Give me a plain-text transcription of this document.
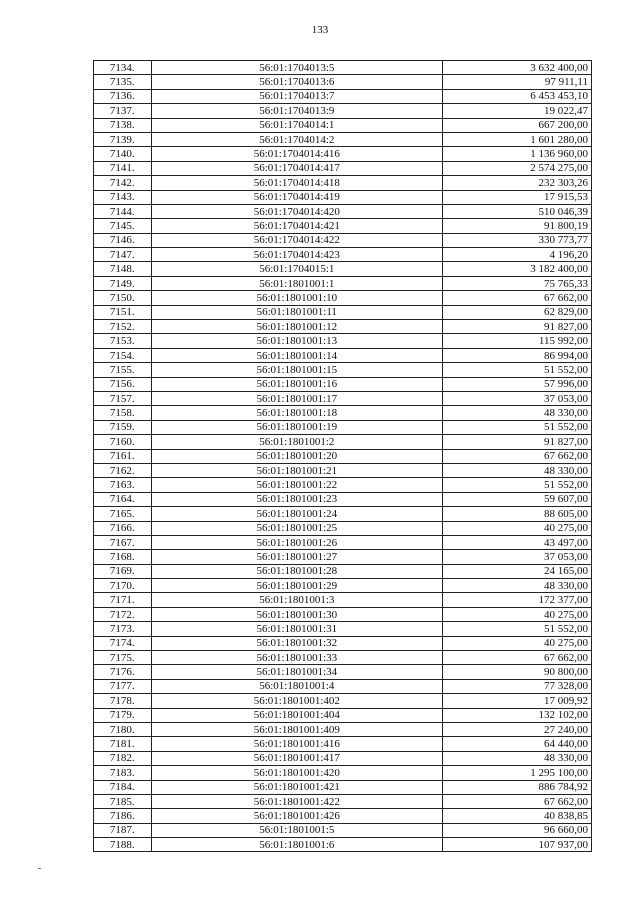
133
7134.	56:01:1704013:5	3 632 400,00
7135.	56:01:1704013:6	97 911,11
7136.	56:01:1704013:7	6 453 453,10
7137.	56:01:1704013:9	19 022,47
7138.	56:01:1704014:1	667 200,00
7139.	56:01:1704014:2	1 601 280,00
7140.	56:01:1704014:416	1 136 960,00
7141.	56:01:1704014:417	2 574 275,00
7142.	56:01:1704014:418	232 303,26
7143.	56:01:1704014:419	17 915,53
7144.	56:01:1704014:420	510 046,39
7145.	56:01:1704014:421	91 800,19
7146.	56:01:1704014:422	330 773,77
7147.	56:01:1704014:423	4 196,20
7148.	56:01:1704015:1	3 182 400,00
7149.	56:01:1801001:1	75 765,33
7150.	56:01:1801001:10	67 662,00
7151.	56:01:1801001:11	62 829,00
7152.	56:01:1801001:12	91 827,00
7153.	56:01:1801001:13	115 992,00
7154.	56:01:1801001:14	86 994,00
7155.	56:01:1801001:15	51 552,00
7156.	56:01:1801001:16	57 996,00
7157.	56:01:1801001:17	37 053,00
7158.	56:01:1801001:18	48 330,00
7159.	56:01:1801001:19	51 552,00
7160.	56:01:1801001:2	91 827,00
7161.	56:01:1801001:20	67 662,00
7162.	56:01:1801001:21	48 330,00
7163.	56:01:1801001:22	51 552,00
7164.	56:01:1801001:23	59 607,00
7165.	56:01:1801001:24	88 605,00
7166.	56:01:1801001:25	40 275,00
7167.	56:01:1801001:26	43 497,00
7168.	56:01:1801001:27	37 053,00
7169.	56:01:1801001:28	24 165,00
7170.	56:01:1801001:29	48 330,00
7171.	56:01:1801001:3	172 377,00
7172.	56:01:1801001:30	40 275,00
7173.	56:01:1801001:31	51 552,00
7174.	56:01:1801001:32	40 275,00
7175.	56:01:1801001:33	67 662,00
7176.	56:01:1801001:34	90 800,00
7177.	56:01:1801001:4	77 328,00
7178.	56:01:1801001:402	17 009,92
7179.	56:01:1801001:404	132 102,00
7180.	56:01:1801001:409	27 240,00
7181.	56:01:1801001:416	64 440,00
7182.	56:01:1801001:417	48 330,00
7183.	56:01:1801001:420	1 295 100,00
7184.	56:01:1801001:421	886 784,92
7185.	56:01:1801001:422	67 662,00
7186.	56:01:1801001:426	40 838,85
7187.	56:01:1801001:5	96 660,00
7188.	56:01:1801001:6	107 937,00
